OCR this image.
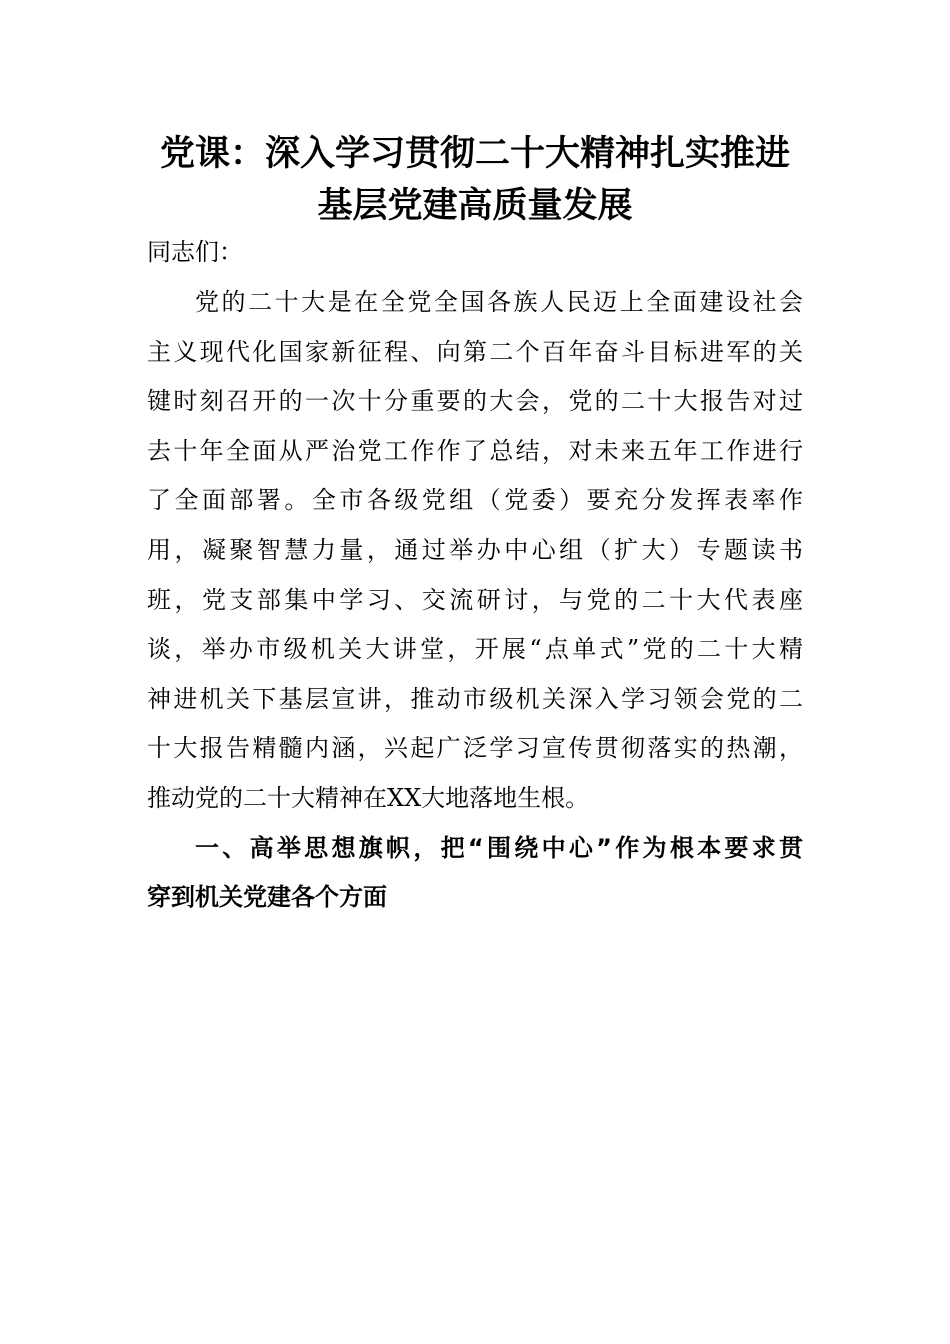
党课：深入学习贯彻二十大精神扎实推进
基层党建高质量发展
同志们：
党的二十大是在全党全国各族人民迈上全面建设社会
主义现代化国家新征程、向第二个百年奋斗目标进军的关
键时刻召开的一次十分重要的大会，党的二十大报告对过
去十年全面从严治党工作作了总结，对未来五年工作进行
了全面部署。全市各级党组（党委）要充分发挥表率作
用，凝聚智慧力量，通过举办中心组（扩大）专题读书
班，党支部集中学习、交流研讨，与党的二十大代表座
谈，举办市级机关大讲堂，开展“点单式”党的二十大精
神进机关下基层宣讲，推动市级机关深入学习领会党的二
十大报告精髓内涵，兴起广泛学习宣传贯彻落实的热潮，
推动党的二十大精神在XX大地落地生根。
一、高举思想旗帜，把“围绕中心”作为根本要求贯
穿到机关党建各个方面
